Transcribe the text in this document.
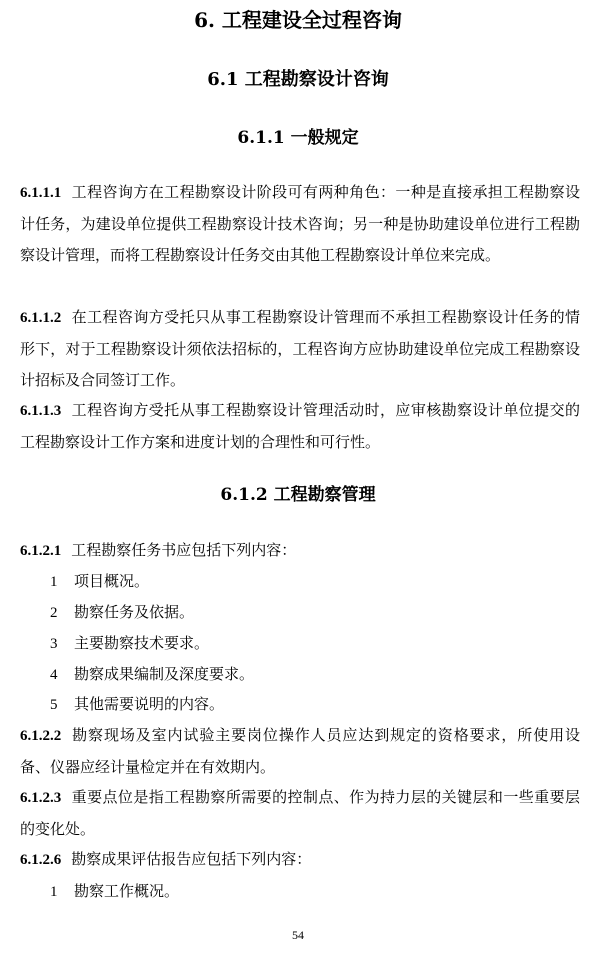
6. 工程建设全过程咨询
6.1 工程勘察设计咨询
6.1.1 一般规定

6.1.1.1 工程咨询方在工程勘察设计阶段可有两种角色：一种是直接承担工程勘察设计任务，为建设单位提供工程勘察设计技术咨询；另一种是协助建设单位进行工程勘察设计管理，而将工程勘察设计任务交由其他工程勘察设计单位来完成。

6.1.1.2 在工程咨询方受托只从事工程勘察设计管理而不承担工程勘察设计任务的情形下，对于工程勘察设计须依法招标的，工程咨询方应协助建设单位完成工程勘察设计招标及合同签订工作。

6.1.1.3 工程咨询方受托从事工程勘察设计管理活动时，应审核勘察设计单位提交的工程勘察设计工作方案和进度计划的合理性和可行性。

6.1.2 工程勘察管理

6.1.2.1 工程勘察任务书应包括下列内容：

1 项目概况。
2 勘察任务及依据。
3 主要勘察技术要求。
4 勘察成果编制及深度要求。
5 其他需要说明的内容。

6.1.2.2 勘察现场及室内试验主要岗位操作人员应达到规定的资格要求，所使用设备、仪器应经计量检定并在有效期内。

6.1.2.3 重要点位是指工程勘察所需要的控制点、作为持力层的关键层和一些重要层的变化处。

6.1.2.6 勘察成果评估报告应包括下列内容：

1 勘察工作概况。
54
